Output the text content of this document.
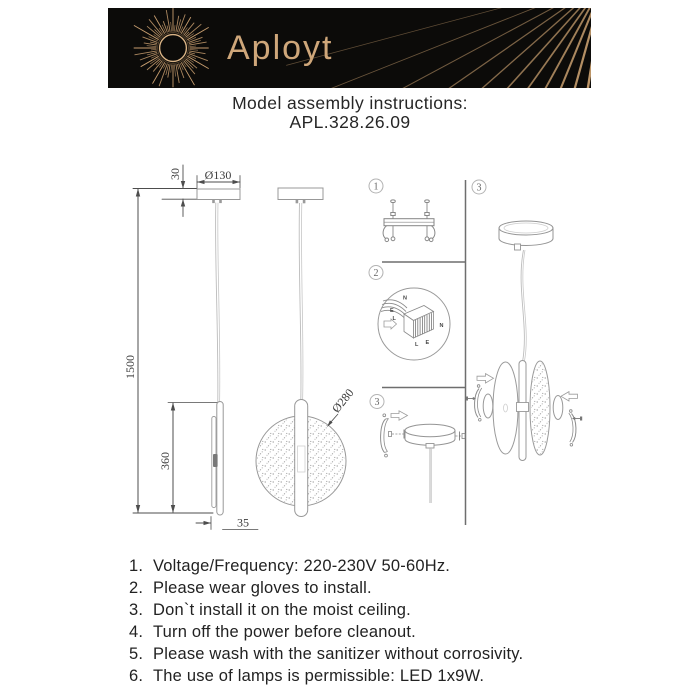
Aployt
Model assembly instructions:
APL.328.26.09
1500
30 Ø130
360
35
Ø280
1
2
N
E
L
N
L E
3
3
1. Voltage/Frequency: 220-230V 50-60Hz.
2. Please wear gloves to install.
3. Don`t install it on the moist ceiling.
4. Turn off the power before cleanout.
5. Please wash with the sanitizer without corrosivity.
6. The use of lamps is permissible: LED 1x9W.
